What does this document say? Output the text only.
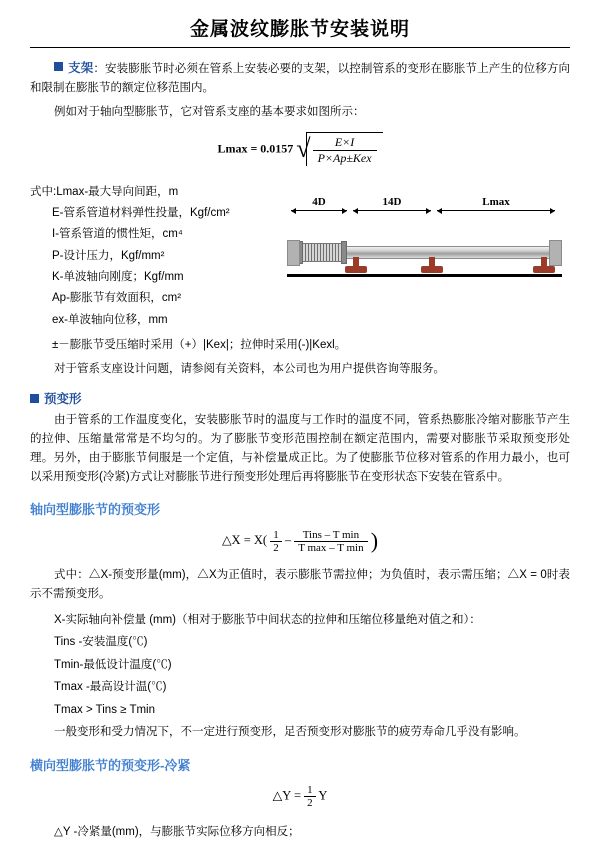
金属波纹膨胀节安装说明

支架：安装膨胀节时必须在管系上安装必要的支架，以控制管系的变形在膨胀节上产生的位移方向和限制在膨胀节的额定位移范围内。

例如对于轴向型膨胀节，它对管系支座的基本要求如图所示：

Lmax = 0.0157 √ $\frac{E\times I}{\text{P×Ap±Kex}}$
式中:Lmax-最大导向间距，m
E-管系管道材料弹性投量，Kgf/cm²
I-管系管道的惯性矩，cm⁴
P-设计压力，Kgf/mm²
K-单波轴向刚度；Kgf/mm
Ap-膨胀节有效面积，cm²
ex-单波轴向位移，mm
4D	14D	Lmax
±－膨胀节受压缩时采用（+）|Kex|；拉伸时采用(-)|Kexl。

对于管系支座设计问题，请参阅有关资料，本公司也为用户提供咨询等服务。

预变形

由于管系的工作温度变化，安装膨胀节时的温度与工作时的温度不同，管系热膨胀冷缩对膨胀节产生的拉伸、压缩量常常是不均匀的。为了膨胀节变形范围控制在额定范围内，需要对膨胀节采取预变形处理。另外，由于膨胀节伺服是一个定值，与补偿量成正比。为了使膨胀节位移对管系的作用力最小，也可以采用预变形(冷紧)方式让对膨胀节进行预变形处理后再将膨胀节在变形状态下安装在管系中。

轴向型膨胀节的预变形
△X = $X( \frac{1}{2}$ –	Tins – T min
T max – T min )

式中：△X-预变形量(mm)，△X为正值时，表示膨胀节需拉伸；为负值时，表示需压缩；△X = 0时表示不需预变形。

X-实际轴向补偿量 (mm)（相对于膨胀节中间状态的拉伸和压缩位移量绝对值之和）：
Tins -安装温度(℃)
Tmin-最低设计温度(℃)
Tmax -最高设计温(℃)
Tmax > Tins ≥ Tmin
一般变形和受力情况下，不一定进行预变形，足否预变形对膨胀节的疲劳寿命几乎没有影响。
横向型膨胀节的预变形-冷紧
△Y = $\frac{1}{2}$ Y
△Y -冷紧量(mm)，与膨胀节实际位移方向相反；
